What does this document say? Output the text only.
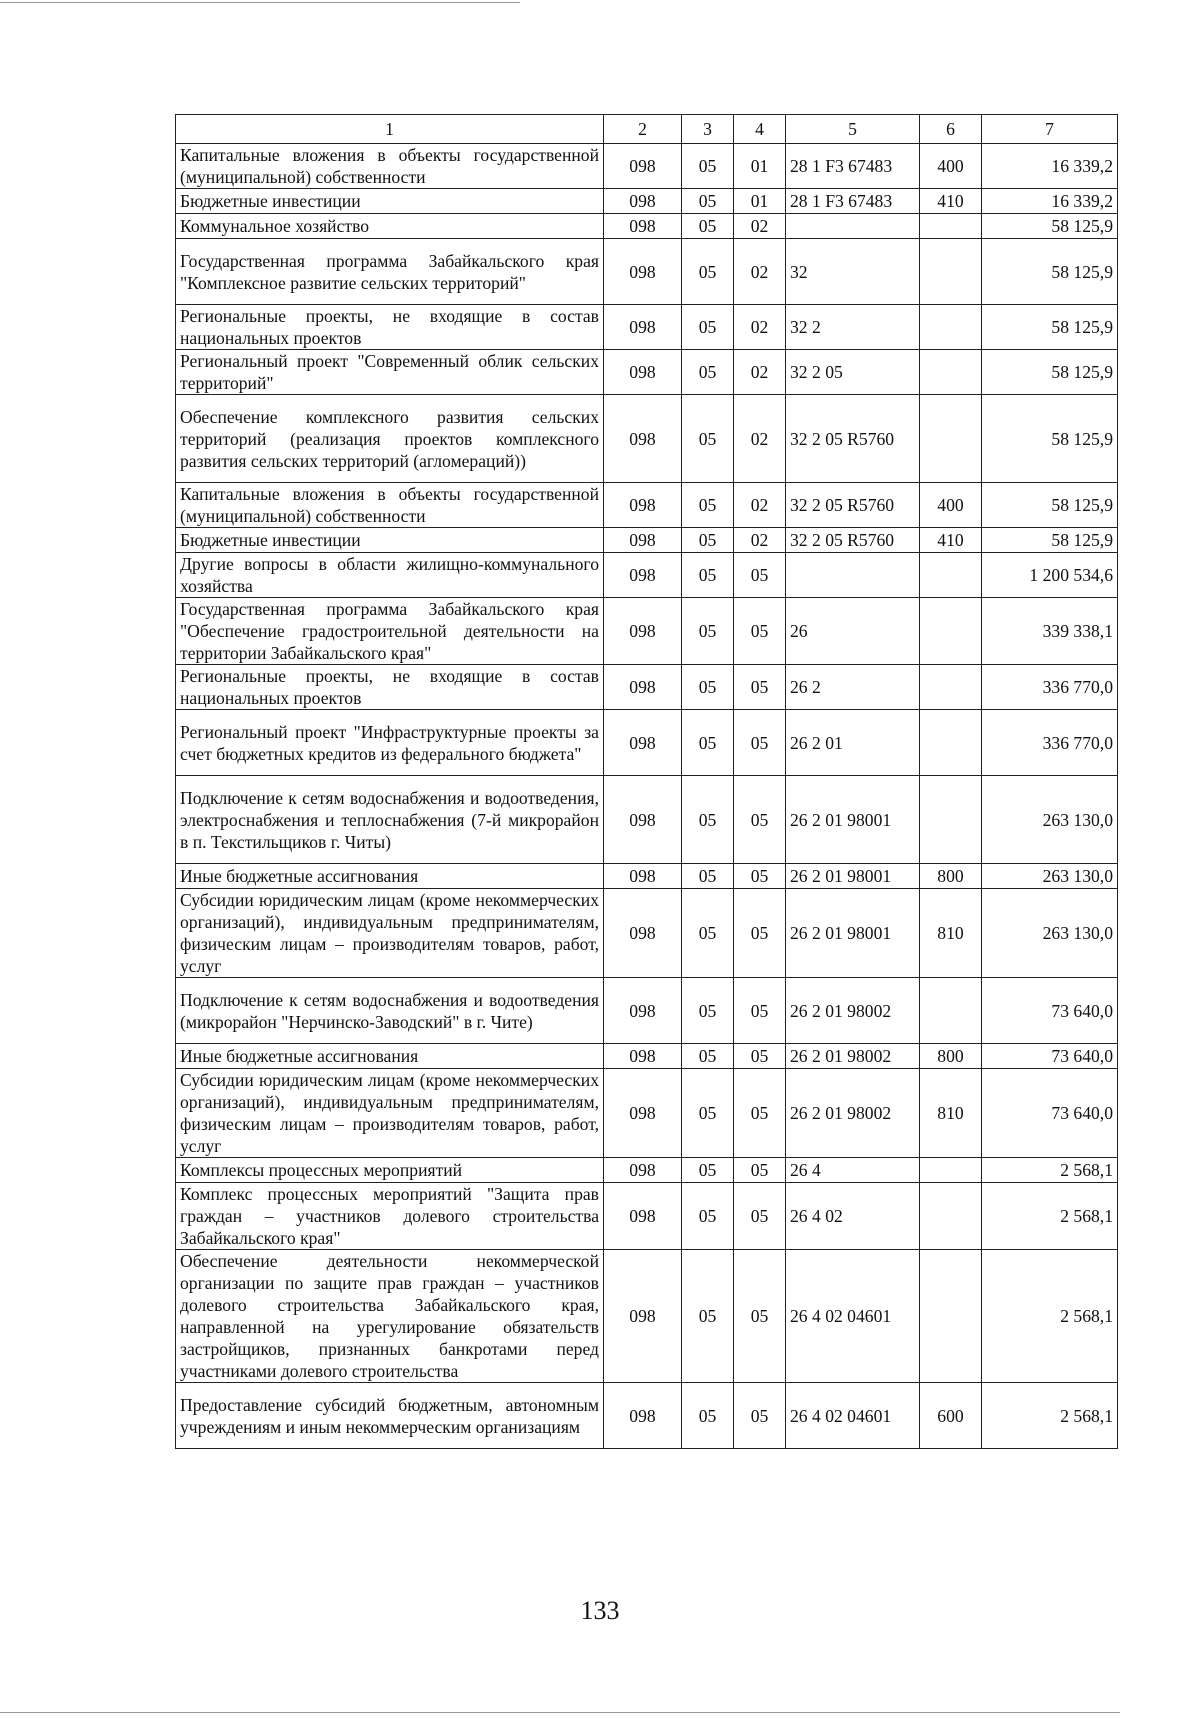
1	2	3	4	5	6	7
Капитальные вложения в объекты государственной (муниципальной) собственности	098	05	01	28 1 F3 67483	400	16 339,2
Бюджетные инвестиции	098	05	01	28 1 F3 67483	410	16 339,2
Коммунальное хозяйство	098	05	02			58 125,9
Государственная программа Забайкальского края "Комплексное развитие сельских территорий"	098	05	02	32		58 125,9
Региональные проекты, не входящие в состав национальных проектов	098	05	02	32 2		58 125,9
Региональный проект "Современный облик сельских территорий"	098	05	02	32 2 05		58 125,9
Обеспечение комплексного развития сельских территорий (реализация проектов комплексного развития сельских территорий (агломераций))	098	05	02	32 2 05 R5760		58 125,9
Капитальные вложения в объекты государственной (муниципальной) собственности	098	05	02	32 2 05 R5760	400	58 125,9
Бюджетные инвестиции	098	05	02	32 2 05 R5760	410	58 125,9
Другие вопросы в области жилищно-коммунального хозяйства	098	05	05			1 200 534,6
Государственная программа Забайкальского края "Обеспечение градостроительной деятельности на территории Забайкальского края"	098	05	05	26		339 338,1
Региональные проекты, не входящие в состав национальных проектов	098	05	05	26 2		336 770,0
Региональный проект "Инфраструктурные проекты за счет бюджетных кредитов из федерального бюджета"	098	05	05	26 2 01		336 770,0
Подключение к сетям водоснабжения и водоотведения, электроснабжения и теплоснабжения (7-й микрорайон в п. Текстильщиков г. Читы)	098	05	05	26 2 01 98001		263 130,0
Иные бюджетные ассигнования	098	05	05	26 2 01 98001	800	263 130,0
Субсидии юридическим лицам (кроме некоммерческих организаций), индивидуальным предпринимателям, физическим лицам – производителям товаров, работ, услуг	098	05	05	26 2 01 98001	810	263 130,0
Подключение к сетям водоснабжения и водоотведения (микрорайон "Нерчинско-Заводский" в г. Чите)	098	05	05	26 2 01 98002		73 640,0
Иные бюджетные ассигнования	098	05	05	26 2 01 98002	800	73 640,0
Субсидии юридическим лицам (кроме некоммерческих организаций), индивидуальным предпринимателям, физическим лицам – производителям товаров, работ, услуг	098	05	05	26 2 01 98002	810	73 640,0
Комплексы процессных мероприятий	098	05	05	26 4		2 568,1
Комплекс процессных мероприятий "Защита прав граждан – участников долевого строительства Забайкальского края"	098	05	05	26 4 02		2 568,1
Обеспечение деятельности некоммерческой организации по защите прав граждан – участников долевого строительства Забайкальского края, направленной на урегулирование обязательств застройщиков, признанных банкротами перед участниками долевого строительства	098	05	05	26 4 02 04601		2 568,1
Предоставление субсидий бюджетным, автономным учреждениям и иным некоммерческим организациям	098	05	05	26 4 02 04601	600	2 568,1
133
